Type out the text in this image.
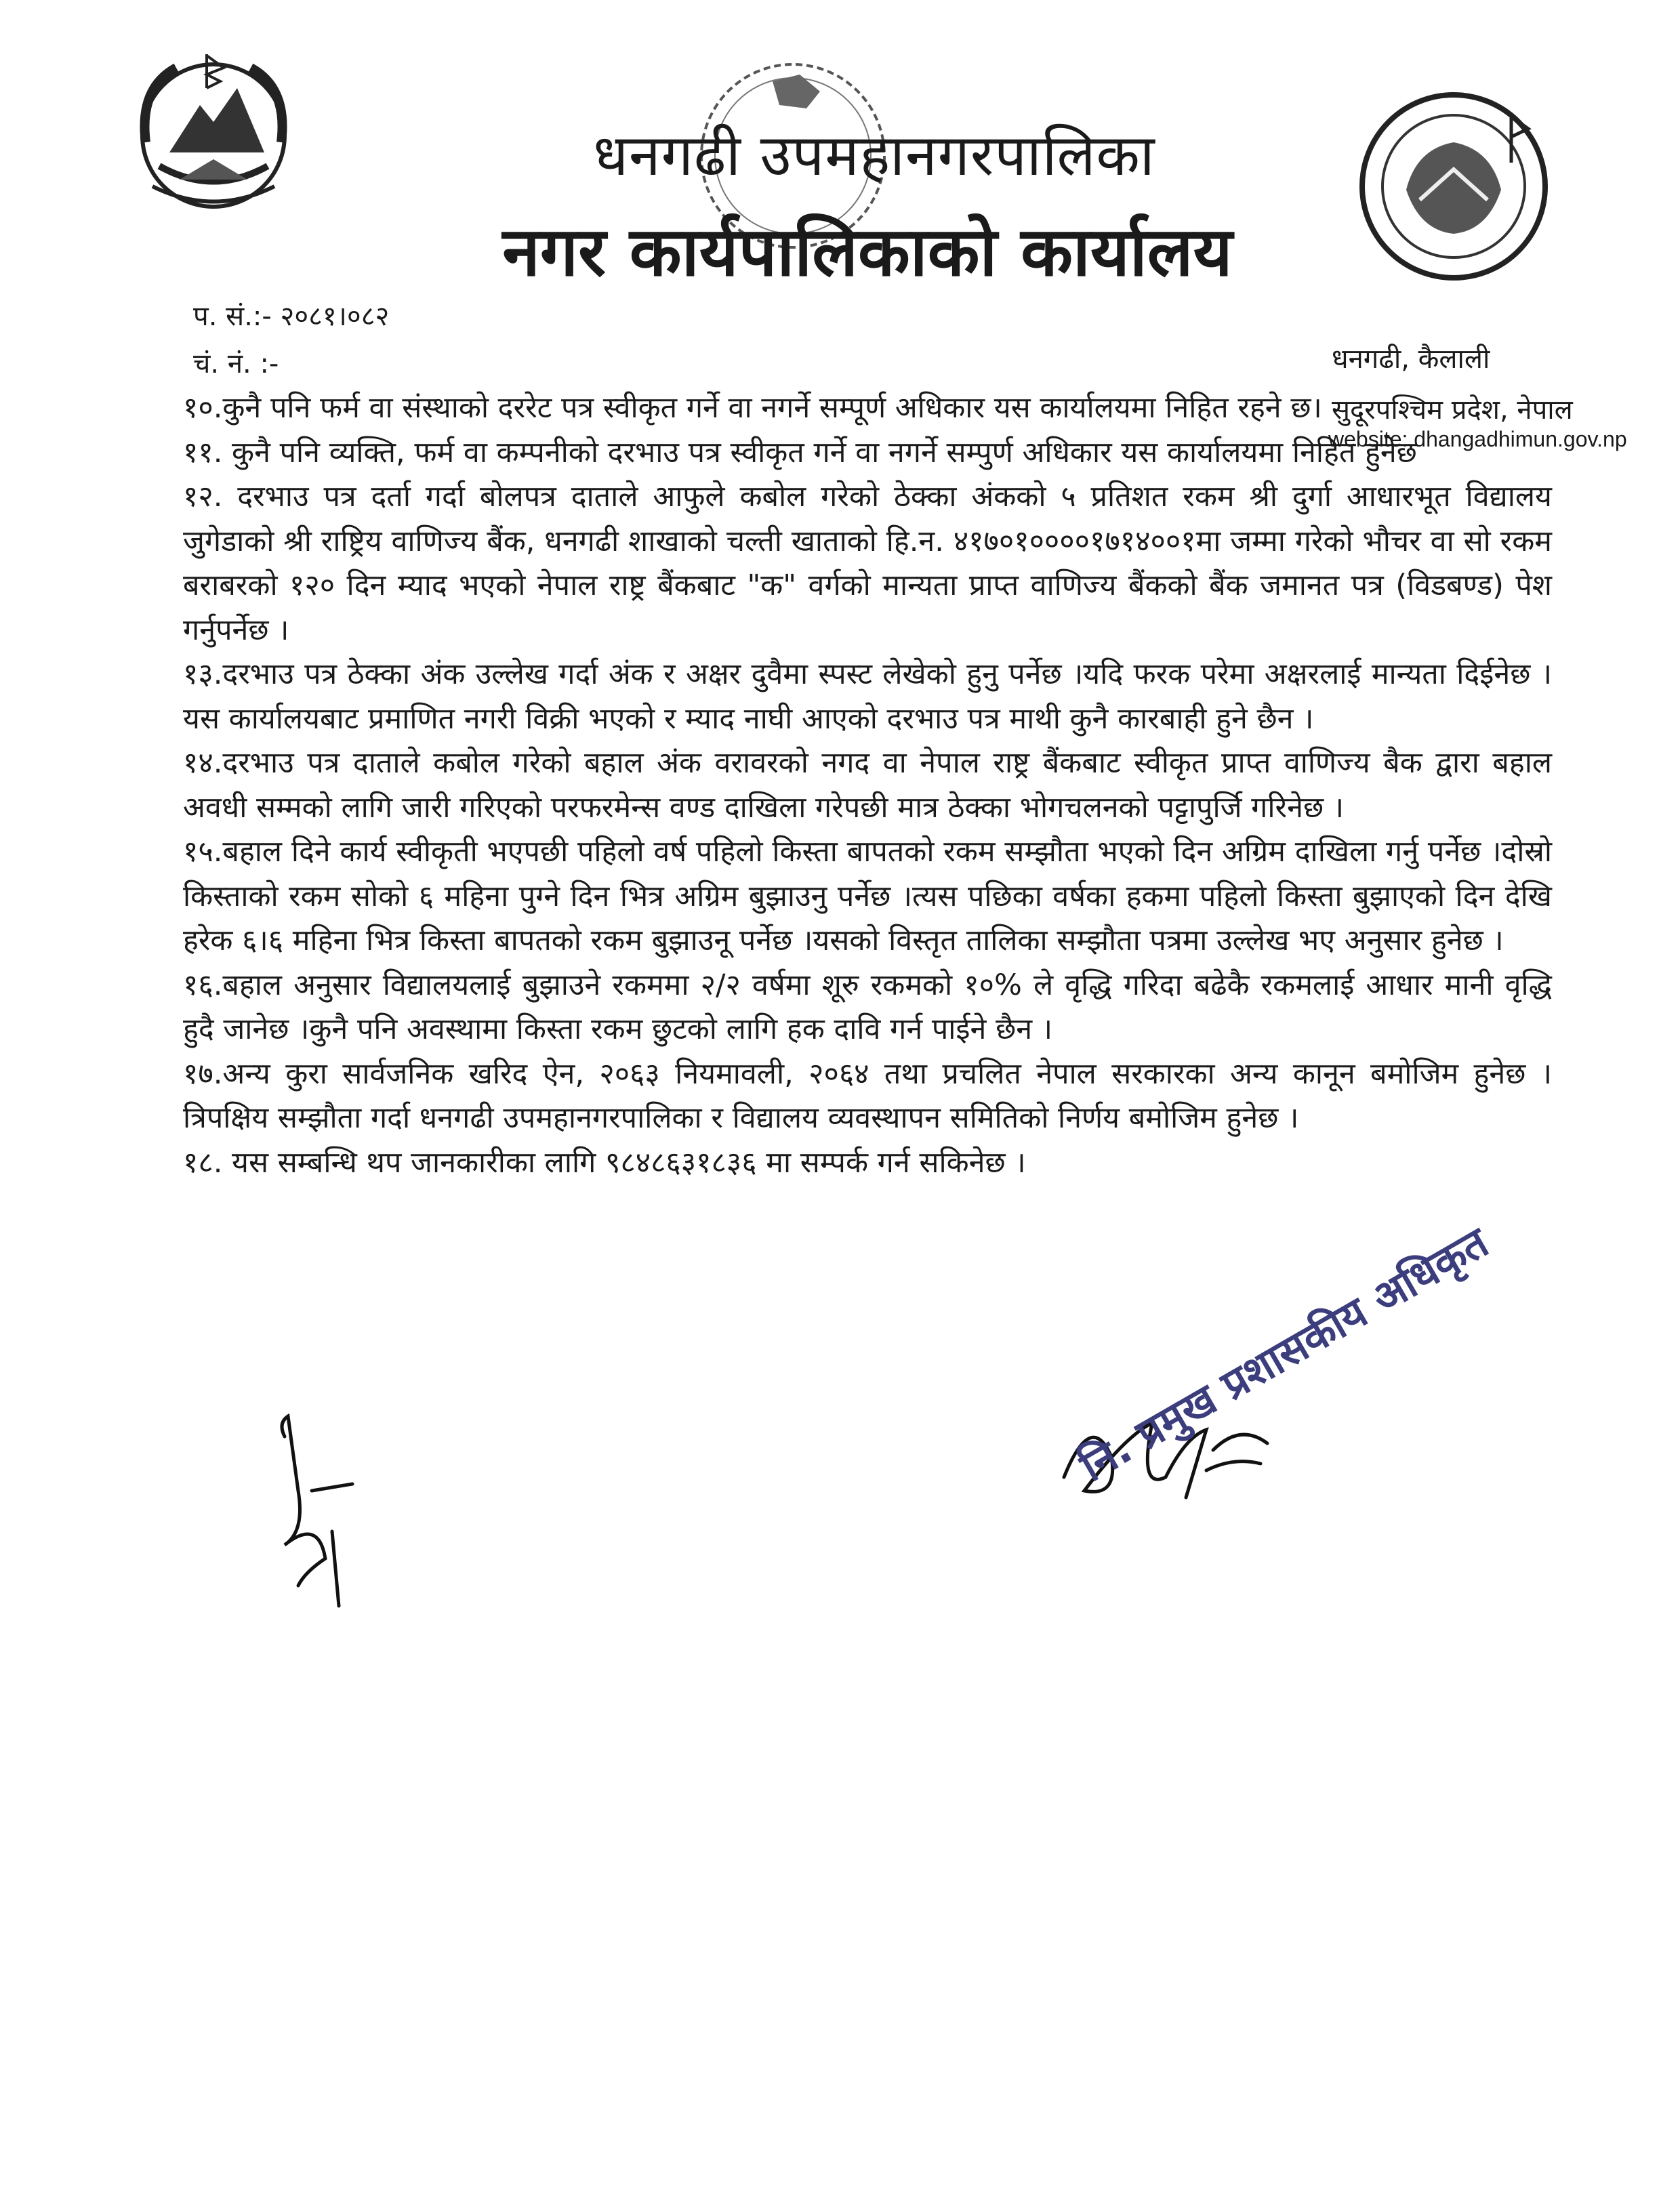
धनगढी उपमहानगरपालिका
नगर कार्यपालिकाको कार्यालय
प. सं.:- २०८१।०८२
चं. नं. :-	धनगढी, कैलाली
सुदूरपश्चिम प्रदेश, नेपाल
website: dhangadhimun.gov.np

१०.कुनै पनि फर्म वा संस्थाको दररेट पत्र स्वीकृत गर्ने वा नगर्ने सम्पूर्ण अधिकार यस कार्यालयमा निहित रहने छ।

११. कुनै पनि व्यक्ति, फर्म वा कम्पनीको दरभाउ पत्र स्वीकृत गर्ने वा नगर्ने सम्पुर्ण अधिकार यस कार्यालयमा निहित हुनेछ

१२. दरभाउ पत्र दर्ता गर्दा बोलपत्र दाताले आफुले कबोल गरेको ठेक्का अंकको ५ प्रतिशत रकम श्री दुर्गा आधारभूत विद्यालय जुगेडाको श्री राष्ट्रिय वाणिज्य बैंक, धनगढी शाखाको चल्ती खाताको हि.न. ४१७०१००००१७१४००१मा जम्मा गरेको भौचर वा सो रकम बराबरको १२० दिन म्याद भएको नेपाल राष्ट्र बैंकबाट "क" वर्गको मान्यता प्राप्त वाणिज्य बैंकको बैंक जमानत पत्र (विडबण्ड) पेश गर्नुपर्नेछ ।

१३.दरभाउ पत्र ठेक्का अंक उल्लेख गर्दा अंक र अक्षर दुवैमा स्पस्ट लेखेको हुनु पर्नेछ ।यदि फरक परेमा अक्षरलाई मान्यता दिईनेछ ।यस कार्यालयबाट प्रमाणित नगरी विक्री भएको र म्याद नाघी आएको दरभाउ पत्र माथी कुनै कारबाही हुने छैन ।

१४.दरभाउ पत्र दाताले कबोल गरेको बहाल अंक वरावरको नगद वा नेपाल राष्ट्र बैंकबाट स्वीकृत प्राप्त वाणिज्य बैक द्वारा बहाल अवधी सम्मको लागि जारी गरिएको परफरमेन्स वण्ड दाखिला गरेपछी मात्र ठेक्का भोगचलनको पट्टापुर्जि गरिनेछ ।

१५.बहाल दिने कार्य स्वीकृती भएपछी पहिलो वर्ष पहिलो किस्ता बापतको रकम सम्झौता भएको दिन अग्रिम दाखिला गर्नु पर्नेछ ।दोस्रो किस्ताको रकम सोको ६ महिना पुग्ने दिन भित्र अग्रिम बुझाउनु पर्नेछ ।त्यस पछिका वर्षका हकमा पहिलो किस्ता बुझाएको दिन देखि हरेक ६।६ महिना भित्र किस्ता बापतको रकम बुझाउनू पर्नेछ ।यसको विस्तृत तालिका सम्झौता पत्रमा उल्लेख भए अनुसार हुनेछ ।

१६.बहाल अनुसार विद्यालयलाई बुझाउने रकममा २/२ वर्षमा शूरु रकमको १०% ले वृद्धि गरिदा बढेकै रकमलाई आधार मानी वृद्धि हुदै जानेछ ।कुनै पनि अवस्थामा किस्ता रकम छुटको लागि हक दावि गर्न पाईने छैन ।

१७.अन्य कुरा सार्वजनिक खरिद ऐन, २०६३ नियमावली, २०६४ तथा प्रचलित नेपाल सरकारका अन्य कानून बमोजिम हुनेछ । त्रिपक्षिय सम्झौता गर्दा धनगढी उपमहानगरपालिका र विद्यालय व्यवस्थापन समितिको निर्णय बमोजिम हुनेछ ।

१८. यस सम्बन्धि थप जानकारीका लागि ९८४८६३१८३६ मा सम्पर्क गर्न सकिनेछ ।

नि. प्रमुख प्रशासकीय अधिकृत
